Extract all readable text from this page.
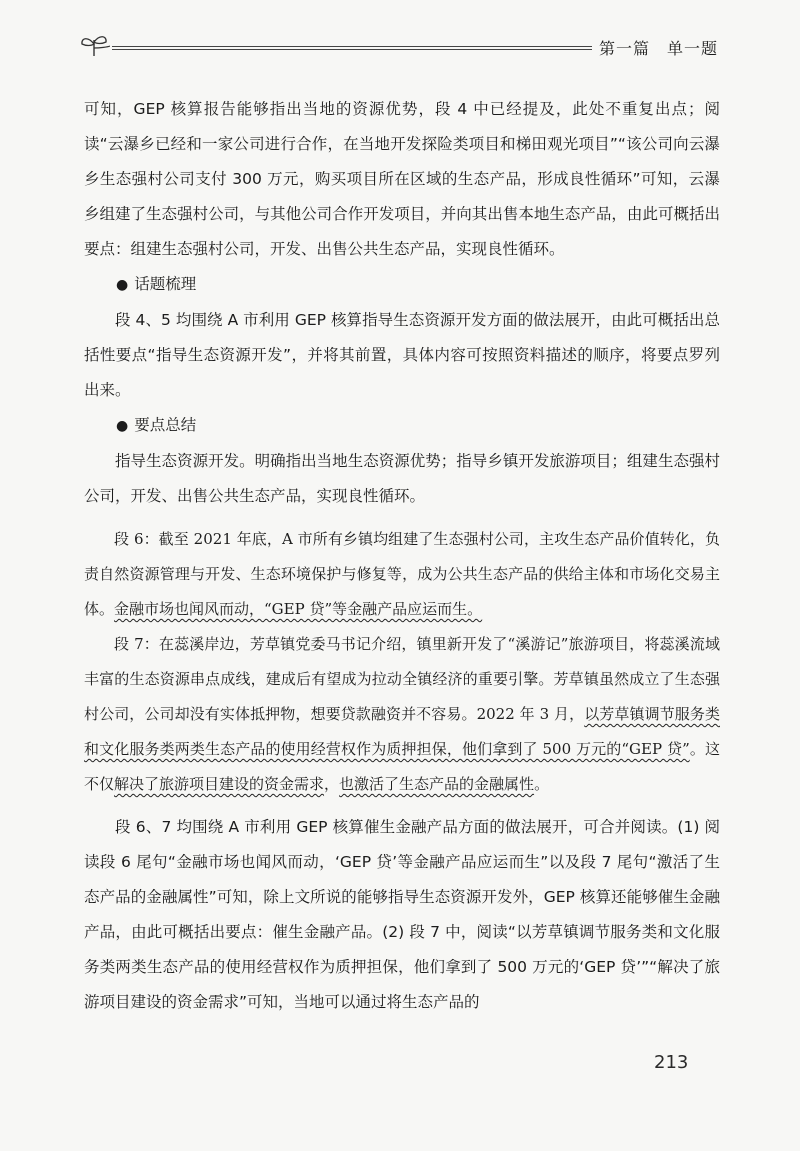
第一篇　单一题

可知，GEP 核算报告能够指出当地的资源优势，段 4 中已经提及，此处不重复出点；阅读“云瀑乡已经和一家公司进行合作，在当地开发探险类项目和梯田观光项目”“该公司向云瀑乡生态强村公司支付 300 万元，购买项目所在区域的生态产品，形成良性循环”可知，云瀑乡组建了生态强村公司，与其他公司合作开发项目，并向其出售本地生态产品，由此可概括出要点：组建生态强村公司，开发、出售公共生态产品，实现良性循环。

● 话题梳理

段 4、5 均围绕 A 市利用 GEP 核算指导生态资源开发方面的做法展开，由此可概括出总括性要点“指导生态资源开发”，并将其前置，具体内容可按照资料描述的顺序，将要点罗列出来。

● 要点总结

指导生态资源开发。明确指出当地生态资源优势；指导乡镇开发旅游项目；组建生态强村公司，开发、出售公共生态产品，实现良性循环。

段 6：截至 2021 年底，A 市所有乡镇均组建了生态强村公司，主攻生态产品价值转化，负责自然资源管理与开发、生态环境保护与修复等，成为公共生态产品的供给主体和市场化交易主体。金融市场也闻风而动，“GEP 贷”等金融产品应运而生。

段 7：在蕊溪岸边，芳草镇党委马书记介绍，镇里新开发了“溪游记”旅游项目，将蕊溪流域丰富的生态资源串点成线，建成后有望成为拉动全镇经济的重要引擎。芳草镇虽然成立了生态强村公司，公司却没有实体抵押物，想要贷款融资并不容易。2022 年 3 月，以芳草镇调节服务类和文化服务类两类生态产品的使用经营权作为质押担保，他们拿到了 500 万元的“GEP 贷”。这不仅解决了旅游项目建设的资金需求，也激活了生态产品的金融属性。

段 6、7 均围绕 A 市利用 GEP 核算催生金融产品方面的做法展开，可合并阅读。(1) 阅读段 6 尾句“金融市场也闻风而动，‘GEP 贷’等金融产品应运而生”以及段 7 尾句“激活了生态产品的金融属性”可知，除上文所说的能够指导生态资源开发外，GEP 核算还能够催生金融产品，由此可概括出要点：催生金融产品。(2) 段 7 中，阅读“以芳草镇调节服务类和文化服务类两类生态产品的使用经营权作为质押担保，他们拿到了 500 万元的‘GEP 贷’”“解决了旅游项目建设的资金需求”可知，当地可以通过将生态产品的

213
